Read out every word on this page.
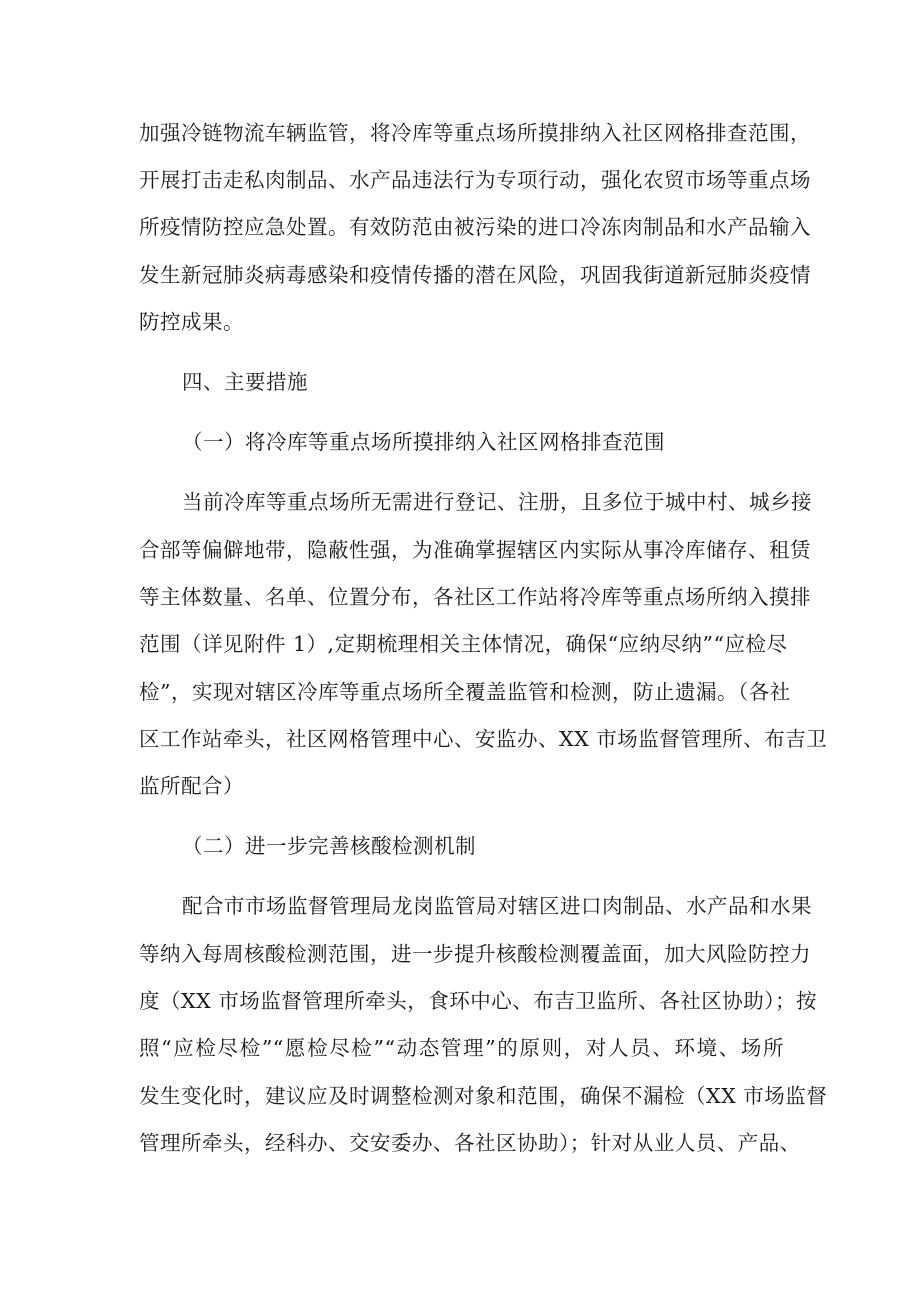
加强冷链物流车辆监管，将冷库等重点场所摸排纳入社区网格排查范围，
开展打击走私肉制品、水产品违法行为专项行动，强化农贸市场等重点场
所疫情防控应急处置。有效防范由被污染的进口冷冻肉制品和水产品输入
发生新冠肺炎病毒感染和疫情传播的潜在风险，巩固我街道新冠肺炎疫情
防控成果。
四、主要措施
（一）将冷库等重点场所摸排纳入社区网格排查范围
当前冷库等重点场所无需进行登记、注册，且多位于城中村、城乡接
合部等偏僻地带，隐蔽性强，为准确掌握辖区内实际从事冷库储存、租赁
等主体数量、名单、位置分布，各社区工作站将冷库等重点场所纳入摸排
范围（详见附件 1）,定期梳理相关主体情况，确保“应纳尽纳”“应检尽
检”，实现对辖区冷库等重点场所全覆盖监管和检测，防止遗漏。（各社
区工作站牵头，社区网格管理中心、安监办、XX 市场监督管理所、布吉卫
监所配合）
（二）进一步完善核酸检测机制
配合市市场监督管理局龙岗监管局对辖区进口肉制品、水产品和水果
等纳入每周核酸检测范围，进一步提升核酸检测覆盖面，加大风险防控力
度（XX 市场监督管理所牵头，食环中心、布吉卫监所、各社区协助）；按
照“应检尽检”“愿检尽检”“动态管理”的原则，对人员、环境、场所
发生变化时，建议应及时调整检测对象和范围，确保不漏检（XX 市场监督
管理所牵头，经科办、交安委办、各社区协助）；针对从业人员、产品、
